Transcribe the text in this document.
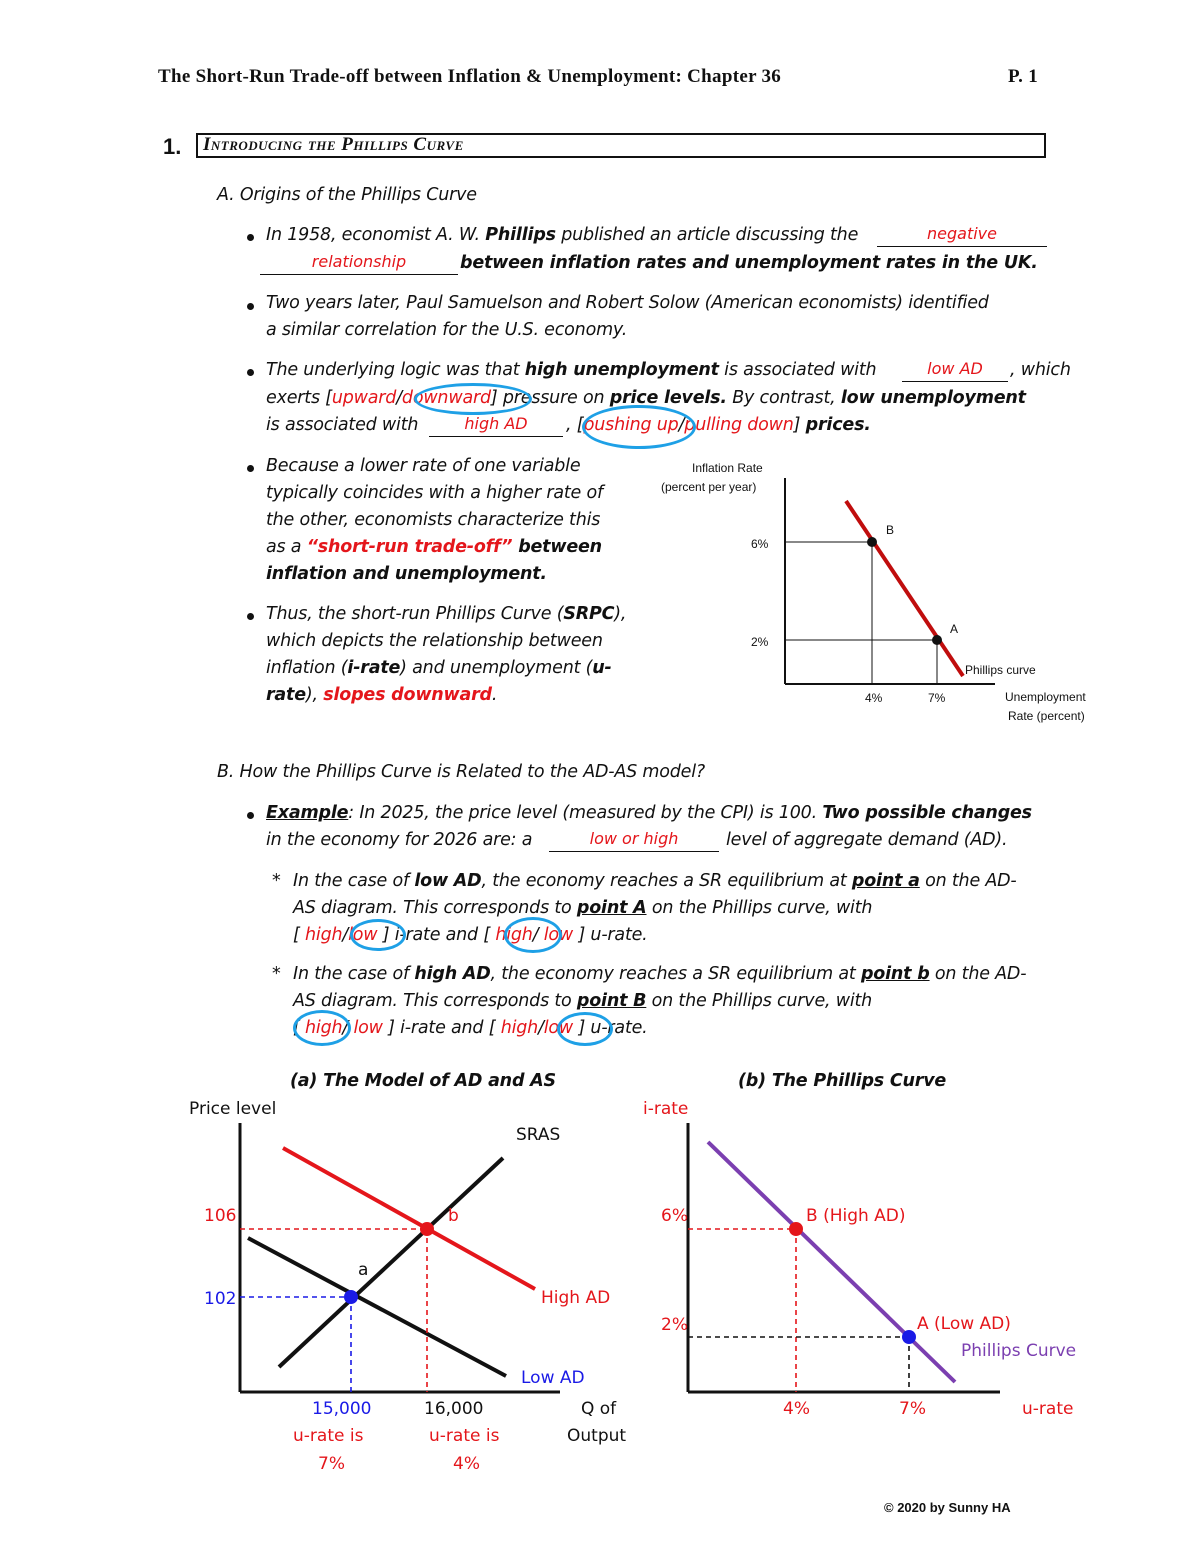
The Short-Run Trade-off between Inflation & Unemployment: Chapter 36	P. 1
1. Introducing the Phillips Curve
A. Origins of the Phillips Curve
In 1958, economist A. W. Phillips published an article discussing the	negative
relationship	between inflation rates and unemployment rates in the UK.
Two years later, Paul Samuelson and Robert Solow (American economists) identified
a similar correlation for the U.S. economy.
The underlying logic was that high unemployment is associated with	low AD	, which
exerts [upward/downward] pressure on price levels. By contrast, low unemployment
is associated with	high AD	, [pushing up/pulling down] prices.
Because a lower rate of one variable
typically coincides with a higher rate of
the other, economists characterize this
as a “short-run trade-off” between
inflation and unemployment.
Thus, the short-run Phillips Curve (SRPC),
which depicts the relationship between
inflation (i-rate) and unemployment (u-
rate), slopes downward.
Inflation Rate
(percent per year)
6%
2%
B
A
Phillips curve
4%	7%	Unemployment
Rate (percent)
B. How the Phillips Curve is Related to the AD-AS model?
Example: In 2025, the price level (measured by the CPI) is 100. Two possible changes
in the economy for 2026 are: a	low or high	level of aggregate demand (AD).
* In the case of low AD, the economy reaches a SR equilibrium at point a on the AD-
AS diagram. This corresponds to point A on the Phillips curve, with
[ high/low ] i-rate and [ high/ low ] u-rate.
* In the case of high AD, the economy reaches a SR equilibrium at point b on the AD-
AS diagram. This corresponds to point B on the Phillips curve, with
[ high/ low ] i-rate and [ high/low ] u-rate.
(a) The Model of AD and AS	(b) The Phillips Curve
Price level
SRAS
106	b
a
102	High AD
Low AD
15,000	16,000	Q of
Output
u-rate is
7%
u-rate is
4%
i-rate
6%
2%
B (High AD)
A (Low AD)
Phillips Curve
4%	7%	u-rate
© 2020 by Sunny HA
